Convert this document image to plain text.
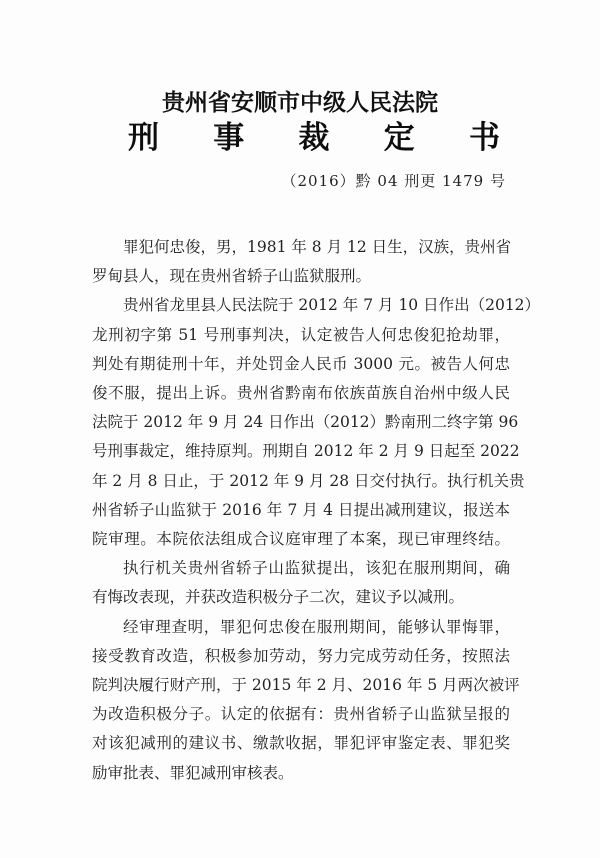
贵州省安顺市中级人民法院
刑 事 裁 定 书
（2016）黔 04 刑更 1479 号
罪犯何忠俊，男，1981 年 8 月 12 日生，汉族，贵州省
罗甸县人，现在贵州省轿子山监狱服刑。
贵州省龙里县人民法院于 2012 年 7 月 10 日作出（2012）
龙刑初字第 51 号刑事判决，认定被告人何忠俊犯抢劫罪，
判处有期徒刑十年，并处罚金人民币 3000 元。被告人何忠
俊不服，提出上诉。贵州省黔南布依族苗族自治州中级人民
法院于 2012 年 9 月 24 日作出（2012）黔南刑二终字第 96
号刑事裁定，维持原判。刑期自 2012 年 2 月 9 日起至 2022
年 2 月 8 日止，于 2012 年 9 月 28 日交付执行。执行机关贵
州省轿子山监狱于 2016 年 7 月 4 日提出减刑建议，报送本
院审理。本院依法组成合议庭审理了本案，现已审理终结。
执行机关贵州省轿子山监狱提出，该犯在服刑期间，确
有悔改表现，并获改造积极分子二次，建议予以减刑。
经审理查明，罪犯何忠俊在服刑期间，能够认罪悔罪，
接受教育改造，积极参加劳动，努力完成劳动任务，按照法
院判决履行财产刑，于 2015 年 2 月、2016 年 5 月两次被评
为改造积极分子。认定的依据有：贵州省轿子山监狱呈报的
对该犯减刑的建议书、缴款收据，罪犯评审鉴定表、罪犯奖
励审批表、罪犯减刑审核表。
